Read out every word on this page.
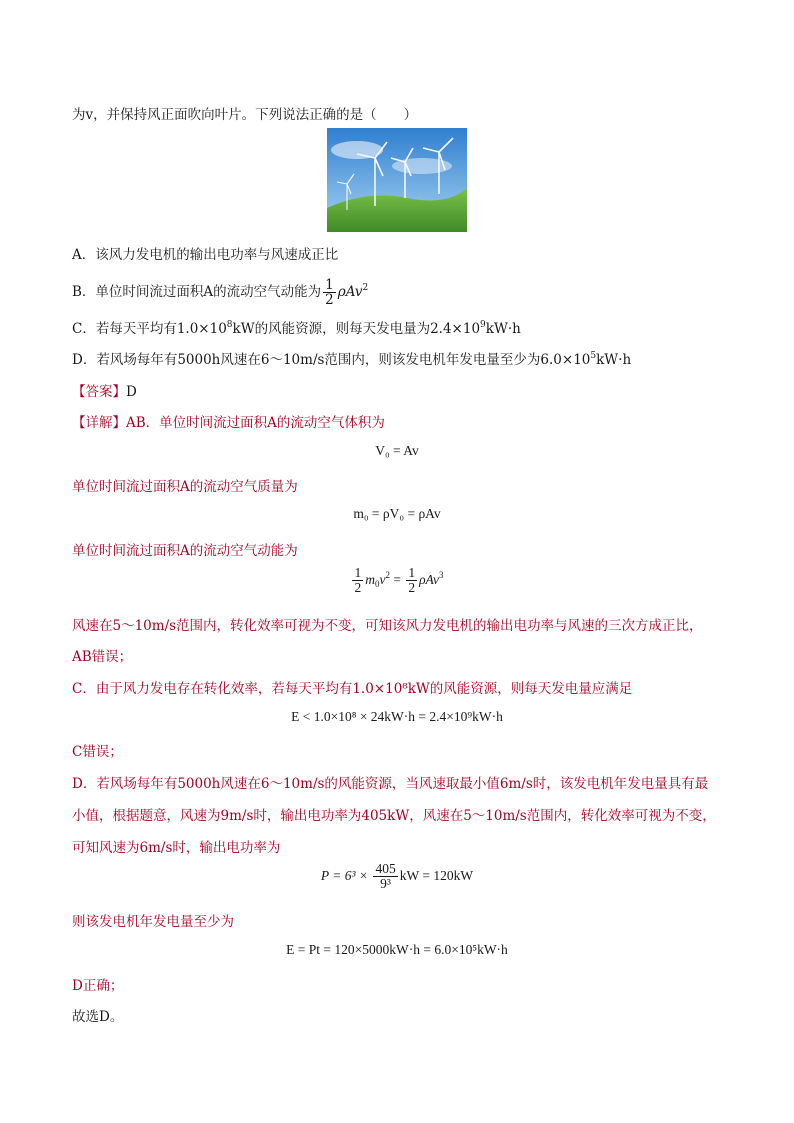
为v，并保持风正面吹向叶片。下列说法正确的是（　　）
A．该风力发电机的输出电功率与风速成正比
B．单位时间流过面积A的流动空气动能为 $\frac{1}{2} \rho Av^2$
C．若每天平均有$1.0\times 10^8kW$的风能资源，则每天发电量为$2.4\times 10^9kW\cdot h$
D．若风场每年有5000h风速在6～10m/s范围内，则该发电机年发电量至少为$6.0\times 10^5kW\cdot h$
【答案】D
【详解】AB．单位时间流过面积A的流动空气体积为
V₀ = Av
单位时间流过面积A的流动空气质量为
m₀ = ρV₀ = ρAv
单位时间流过面积A的流动空气动能为
$\frac{1}{2} m_0v^2 = \frac{1}{2} \rho Av^3$
风速在5～10m/s范围内，转化效率可视为不变，可知该风力发电机的输出电功率与风速的三次方成正比，
AB错误；
C．由于风力发电存在转化效率，若每天平均有1.0×10⁸kW的风能资源，则每天发电量应满足
E < 1.0×10⁸ × 24kW·h = 2.4×10⁹kW·h
C错误；
D．若风场每年有5000h风速在6～10m/s的风能资源，当风速取最小值6m/s时，该发电机年发电量具有最
小值，根据题意，风速为9m/s时，输出电功率为405kW，风速在5～10m/s范围内，转化效率可视为不变，
可知风速为6m/s时，输出电功率为
$P = 6^3 \times \frac{405}{\text{9³}}$ kW = 120kW
则该发电机年发电量至少为
E = Pt = 120×5000kW·h = 6.0×10⁵kW·h
D正确；
故选D。
